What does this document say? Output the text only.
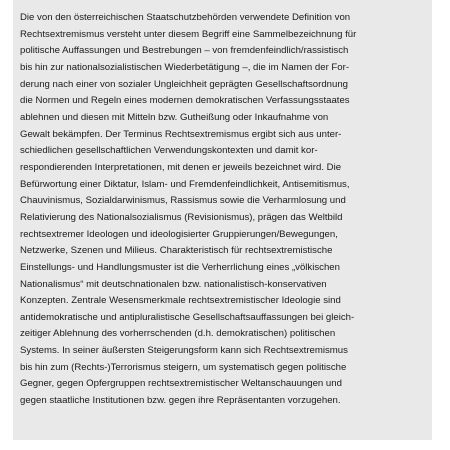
Die von den österreichischen Staatschutzbehörden verwendete Definition von
Rechtsextremismus versteht unter diesem Begriff eine Sammelbezeichnung für
politische Auffassungen und Bestrebungen – von fremdenfeindlich/rassistisch
bis hin zur nationalsozialistischen Wiederbetätigung –, die im Namen der For-
derung nach einer von sozialer Ungleichheit geprägten Gesellschaftsordnung
die Normen und Regeln eines modernen demokratischen Verfassungsstaates
ablehnen und diesen mit Mitteln bzw. Gutheißung oder Inkaufnahme von
Gewalt bekämpfen. Der Terminus Rechtsextremismus ergibt sich aus unter-
schiedlichen gesellschaftlichen Verwendungskontexten und damit kor-
respondierenden Interpretationen, mit denen er jeweils bezeichnet wird. Die
Befürwortung einer Diktatur, Islam- und Fremdenfeindlichkeit, Antisemitismus,
Chauvinismus, Sozialdarwinismus, Rassismus sowie die Verharmlosung und
Relativierung des Nationalsozialismus (Revisionismus), prägen das Weltbild
rechtsextremer Ideologen und ideologisierter Gruppierungen/Bewegungen,
Netzwerke, Szenen und Milieus. Charakteristisch für rechtsextremistische
Einstellungs- und Handlungsmuster ist die Verherrlichung eines „völkischen
Nationalismus“ mit deutschnationalen bzw. nationalistisch-konservativen
Konzepten. Zentrale Wesensmerkmale rechtsextremistischer Ideologie sind
antidemokratische und antipluralistische Gesellschaftsauffassungen bei gleich-
zeitiger Ablehnung des vorherrschenden (d.h. demokratischen) politischen
Systems. In seiner äußersten Steigerungsform kann sich Rechtsextremismus
bis hin zum (Rechts-)Terrorismus steigern, um systematisch gegen politische
Gegner, gegen Opfergruppen rechtsextremistischer Weltanschauungen und
gegen staatliche Institutionen bzw. gegen ihre Repräsentanten vorzugehen.
